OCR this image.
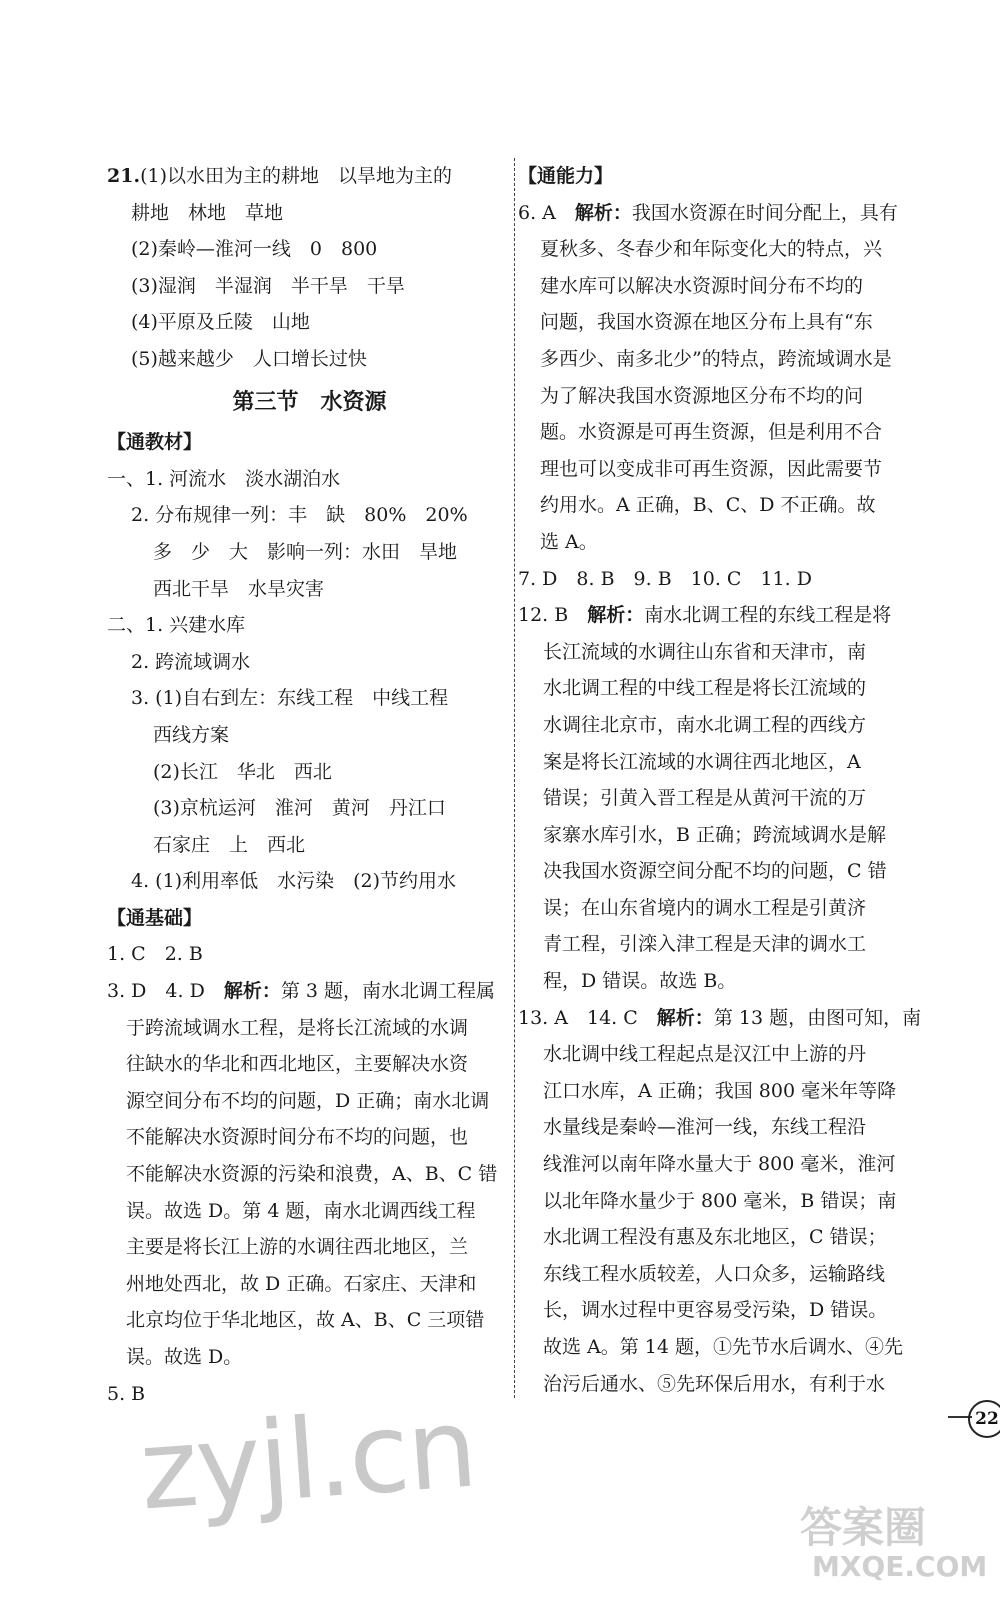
21.(1)以水田为主的耕地　以旱地为主的
耕地　林地　草地
(2)秦岭—淮河一线　0　800
(3)湿润　半湿润　半干旱　干旱
(4)平原及丘陵　山地
(5)越来越少　人口增长过快
第三节　水资源
【通教材】
一、1. 河流水　淡水湖泊水
2. 分布规律一列：丰　缺　80%　20%
多　少　大　影响一列：水田　旱地
西北干旱　水旱灾害
二、1. 兴建水库
2. 跨流域调水
3. (1)自右到左：东线工程　中线工程
西线方案
(2)长江　华北　西北
(3)京杭运河　淮河　黄河　丹江口
石家庄　上　西北
4. (1)利用率低　水污染　(2)节约用水
【通基础】
1. C　2. B
3. D　4. D　 解析：第 3 题，南水北调工程属
于跨流域调水工程，是将长江流域的水调
往缺水的华北和西北地区，主要解决水资
源空间分布不均的问题，D 正确；南水北调
不能解决水资源时间分布不均的问题，也
不能解决水资源的污染和浪费，A、B、C 错
误。故选 D。第 4 题，南水北调西线工程
主要是将长江上游的水调往西北地区，兰
州地处西北，故 D 正确。石家庄、天津和
北京均位于华北地区，故 A、B、C 三项错
误。故选 D。
5. B
【通能力】
6. A　 解析：我国水资源在时间分配上，具有
夏秋多、冬春少和年际变化大的特点，兴
建水库可以解决水资源时间分布不均的
问题，我国水资源在地区分布上具有“东
多西少、南多北少”的特点，跨流域调水是
为了解决我国水资源地区分布不均的问
题。水资源是可再生资源，但是利用不合
理也可以变成非可再生资源，因此需要节
约用水。A 正确，B、C、D 不正确。故
选 A。
7. D　8. B　9. B　10. C　11. D
12. B　 解析：南水北调工程的东线工程是将
长江流域的水调往山东省和天津市，南
水北调工程的中线工程是将长江流域的
水调往北京市，南水北调工程的西线方
案是将长江流域的水调往西北地区，A
错误；引黄入晋工程是从黄河干流的万
家寨水库引水，B 正确；跨流域调水是解
决我国水资源空间分配不均的问题，C 错
误；在山东省境内的调水工程是引黄济
青工程，引滦入津工程是天津的调水工
程，D 错误。故选 B。
13. A　14. C　 解析：第 13 题，由图可知，南
水北调中线工程起点是汉江中上游的丹
江口水库，A 正确；我国 800 毫米年等降
水量线是秦岭—淮河一线，东线工程沿
线淮河以南年降水量大于 800 毫米，淮河
以北年降水量少于 800 毫米，B 错误；南
水北调工程没有惠及东北地区，C 错误；
东线工程水质较差，人口众多，运输路线
长，调水过程中更容易受污染，D 错误。
故选 A。第 14 题，①先节水后调水、④先
治污后通水、⑤先环保后用水，有利于水
22
zyjl.cn	答案圈
MXQE.COM
